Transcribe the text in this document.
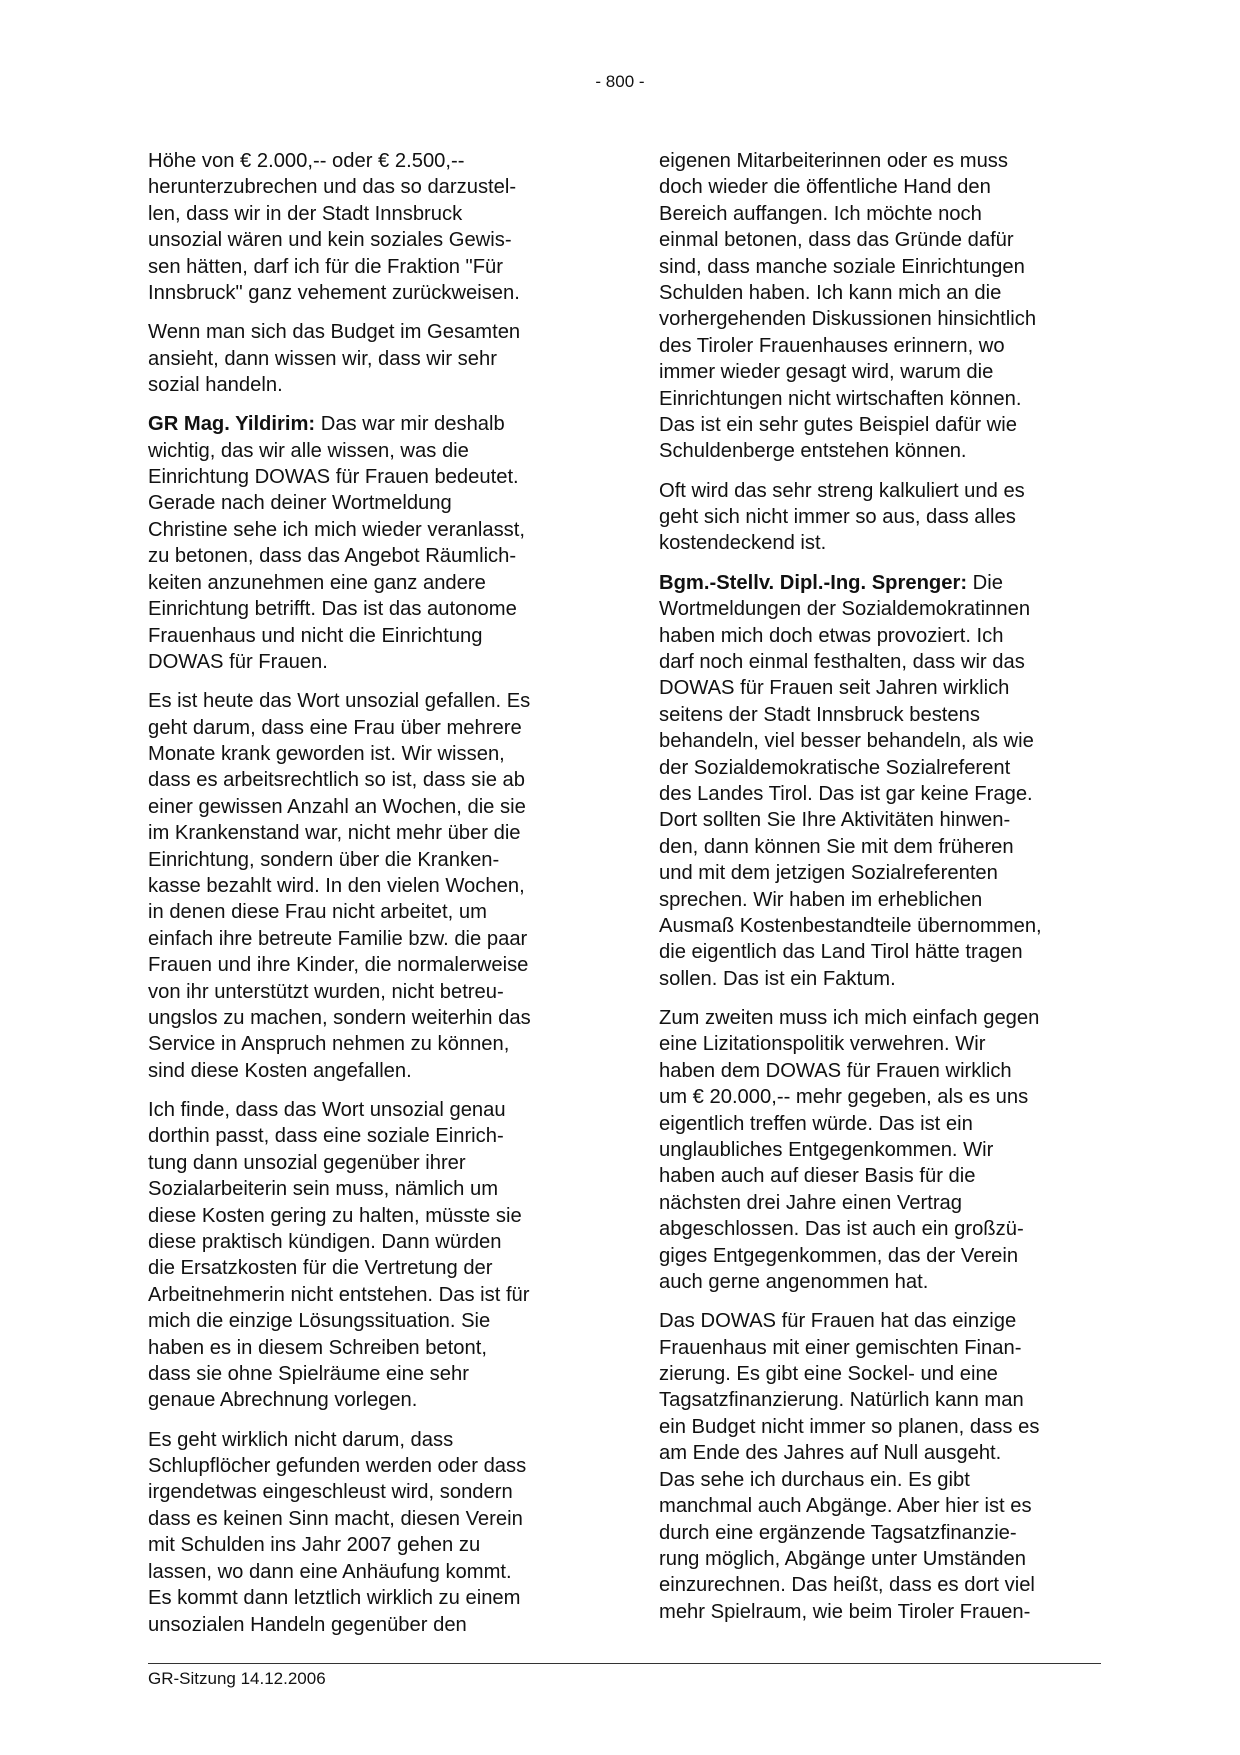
- 800 -
Höhe von € 2.000,-- oder € 2.500,--
herunterzubrechen und das so darzustel-
len, dass wir in der Stadt Innsbruck
unsozial wären und kein soziales Gewis-
sen hätten, darf ich für die Fraktion "Für
Innsbruck" ganz vehement zurückweisen.
Wenn man sich das Budget im Gesamten
ansieht, dann wissen wir, dass wir sehr
sozial handeln.
GR Mag. Yildirim: Das war mir deshalb
wichtig, das wir alle wissen, was die
Einrichtung DOWAS für Frauen bedeutet.
Gerade nach deiner Wortmeldung
Christine sehe ich mich wieder veranlasst,
zu betonen, dass das Angebot Räumlich-
keiten anzunehmen eine ganz andere
Einrichtung betrifft. Das ist das autonome
Frauenhaus und nicht die Einrichtung
DOWAS für Frauen.
Es ist heute das Wort unsozial gefallen. Es
geht darum, dass eine Frau über mehrere
Monate krank geworden ist. Wir wissen,
dass es arbeitsrechtlich so ist, dass sie ab
einer gewissen Anzahl an Wochen, die sie
im Krankenstand war, nicht mehr über die
Einrichtung, sondern über die Kranken-
kasse bezahlt wird. In den vielen Wochen,
in denen diese Frau nicht arbeitet, um
einfach ihre betreute Familie bzw. die paar
Frauen und ihre Kinder, die normalerweise
von ihr unterstützt wurden, nicht betreu-
ungslos zu machen, sondern weiterhin das
Service in Anspruch nehmen zu können,
sind diese Kosten angefallen.
Ich finde, dass das Wort unsozial genau
dorthin passt, dass eine soziale Einrich-
tung dann unsozial gegenüber ihrer
Sozialarbeiterin sein muss, nämlich um
diese Kosten gering zu halten, müsste sie
diese praktisch kündigen. Dann würden
die Ersatzkosten für die Vertretung der
Arbeitnehmerin nicht entstehen. Das ist für
mich die einzige Lösungssituation. Sie
haben es in diesem Schreiben betont,
dass sie ohne Spielräume eine sehr
genaue Abrechnung vorlegen.
Es geht wirklich nicht darum, dass
Schlupflöcher gefunden werden oder dass
irgendetwas eingeschleust wird, sondern
dass es keinen Sinn macht, diesen Verein
mit Schulden ins Jahr 2007 gehen zu
lassen, wo dann eine Anhäufung kommt.
Es kommt dann letztlich wirklich zu einem
unsozialen Handeln gegenüber den
eigenen Mitarbeiterinnen oder es muss
doch wieder die öffentliche Hand den
Bereich auffangen. Ich möchte noch
einmal betonen, dass das Gründe dafür
sind, dass manche soziale Einrichtungen
Schulden haben. Ich kann mich an die
vorhergehenden Diskussionen hinsichtlich
des Tiroler Frauenhauses erinnern, wo
immer wieder gesagt wird, warum die
Einrichtungen nicht wirtschaften können.
Das ist ein sehr gutes Beispiel dafür wie
Schuldenberge entstehen können.
Oft wird das sehr streng kalkuliert und es
geht sich nicht immer so aus, dass alles
kostendeckend ist.
Bgm.-Stellv. Dipl.-Ing. Sprenger: Die
Wortmeldungen der Sozialdemokratinnen
haben mich doch etwas provoziert. Ich
darf noch einmal festhalten, dass wir das
DOWAS für Frauen seit Jahren wirklich
seitens der Stadt Innsbruck bestens
behandeln, viel besser behandeln, als wie
der Sozialdemokratische Sozialreferent
des Landes Tirol. Das ist gar keine Frage.
Dort sollten Sie Ihre Aktivitäten hinwen-
den, dann können Sie mit dem früheren
und mit dem jetzigen Sozialreferenten
sprechen. Wir haben im erheblichen
Ausmaß Kostenbestandteile übernommen,
die eigentlich das Land Tirol hätte tragen
sollen. Das ist ein Faktum.
Zum zweiten muss ich mich einfach gegen
eine Lizitationspolitik verwehren. Wir
haben dem DOWAS für Frauen wirklich
um € 20.000,-- mehr gegeben, als es uns
eigentlich treffen würde. Das ist ein
unglaubliches Entgegenkommen. Wir
haben auch auf dieser Basis für die
nächsten drei Jahre einen Vertrag
abgeschlossen. Das ist auch ein großzü-
giges Entgegenkommen, das der Verein
auch gerne angenommen hat.
Das DOWAS für Frauen hat das einzige
Frauenhaus mit einer gemischten Finan-
zierung. Es gibt eine Sockel- und eine
Tagsatzfinanzierung. Natürlich kann man
ein Budget nicht immer so planen, dass es
am Ende des Jahres auf Null ausgeht.
Das sehe ich durchaus ein. Es gibt
manchmal auch Abgänge. Aber hier ist es
durch eine ergänzende Tagsatzfinanzie-
rung möglich, Abgänge unter Umständen
einzurechnen. Das heißt, dass es dort viel
mehr Spielraum, wie beim Tiroler Frauen-
GR-Sitzung 14.12.2006
